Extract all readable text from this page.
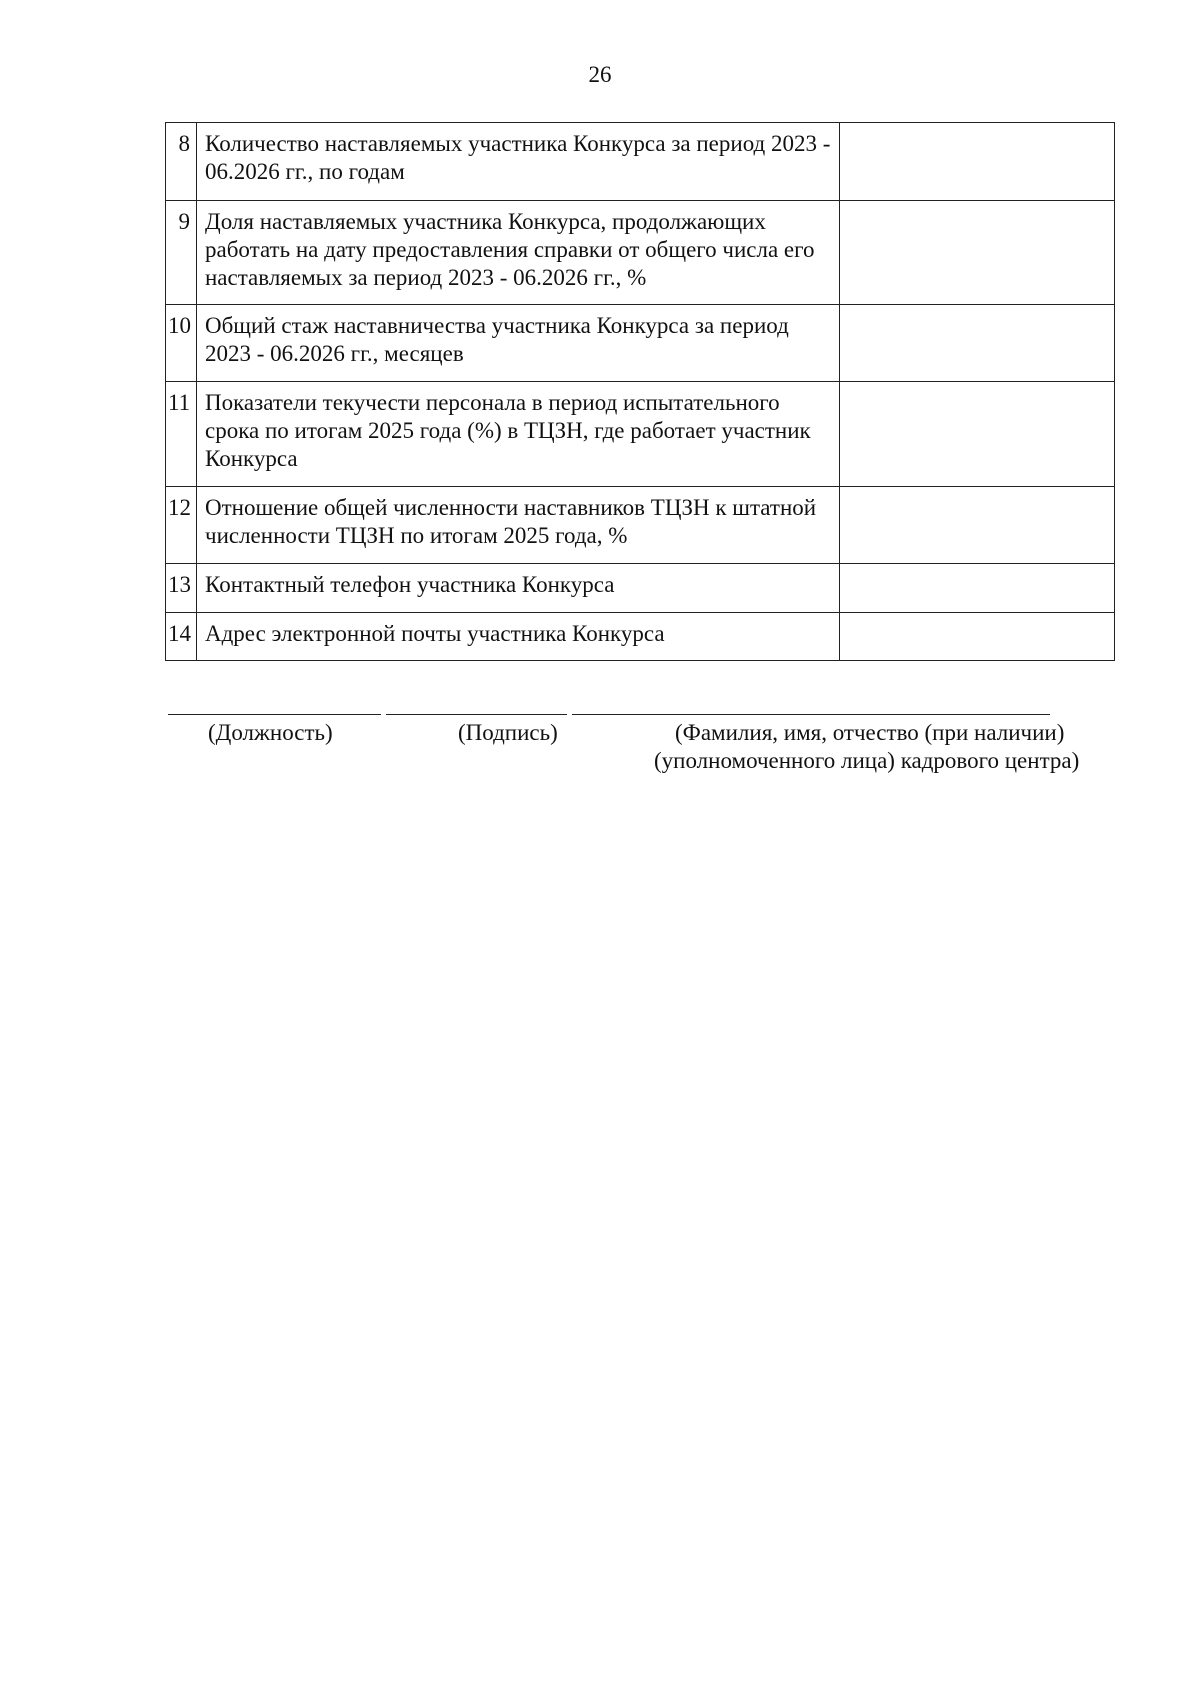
26
8	Количество наставляемых участника Конкурса за период 2023 - 06.2026 гг., по годам	
9	Доля наставляемых участника Конкурса, продолжающих работать на дату предоставления справки от общего числа его наставляемых за период 2023 - 06.2026 гг., %	
10	Общий стаж наставничества участника Конкурса за период 2023 - 06.2026 гг., месяцев	
11	Показатели текучести персонала в период испытательного срока по итогам 2025 года (%) в ТЦЗН, где работает участник Конкурса	
12	Отношение общей численности наставников ТЦЗН к штатной численности ТЦЗН по итогам 2025 года, %	
13	Контактный телефон участника Конкурса	
14	Адрес электронной почты участника Конкурса	
(Должность)	(Подпись)	(Фамилия, имя, отчество (при наличии)
(уполномоченного лица) кадрового центра)
